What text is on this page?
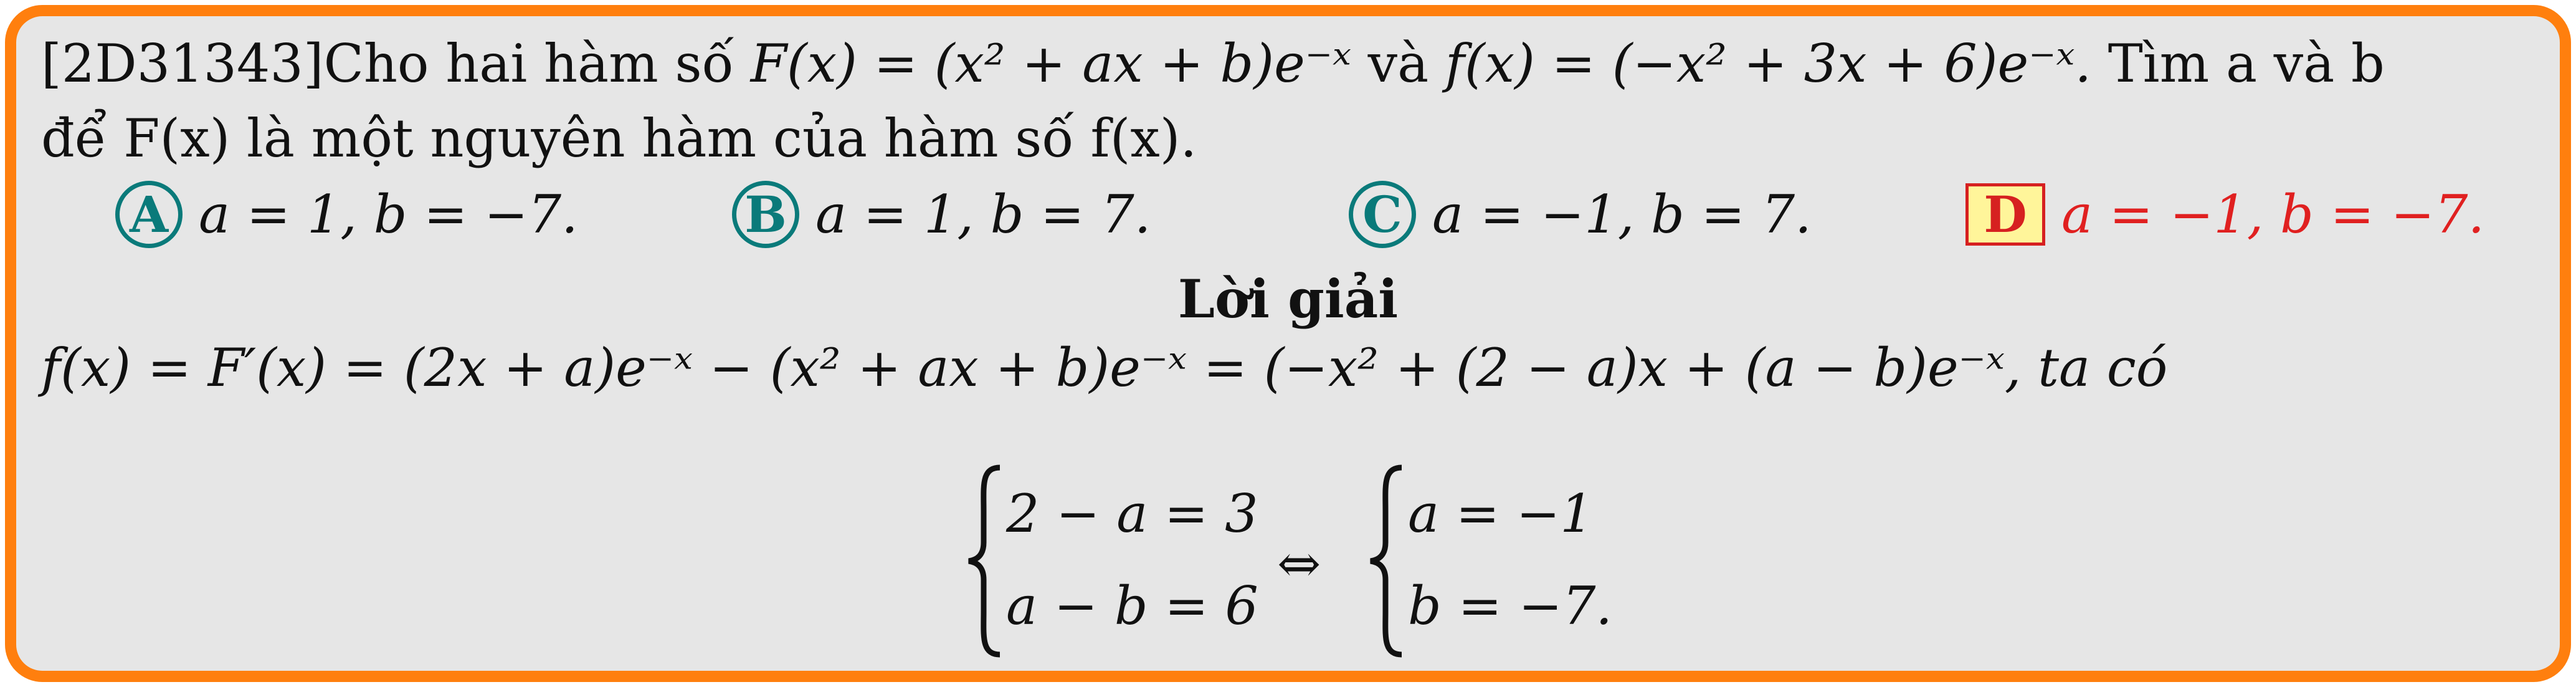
[2D31343]Cho hai hàm số F(x) = (x² + ax + b)e⁻ˣ và f(x) = (−x² + 3x + 6)e⁻ˣ. Tìm a và b
để F(x) là một nguyên hàm của hàm số f(x).
A a = 1, b = −7.	B a = 1, b = 7.	C a = −1, b = 7.	D a = −1, b = −7.
Lời giải
f(x) = F′(x) = (2x + a)e⁻ˣ − (x² + ax + b)e⁻ˣ = (−x² + (2 − a)x + (a − b)e⁻ˣ, ta có
2 − a = 3
a − b = 6
⇔
a = −1
b = −7.
